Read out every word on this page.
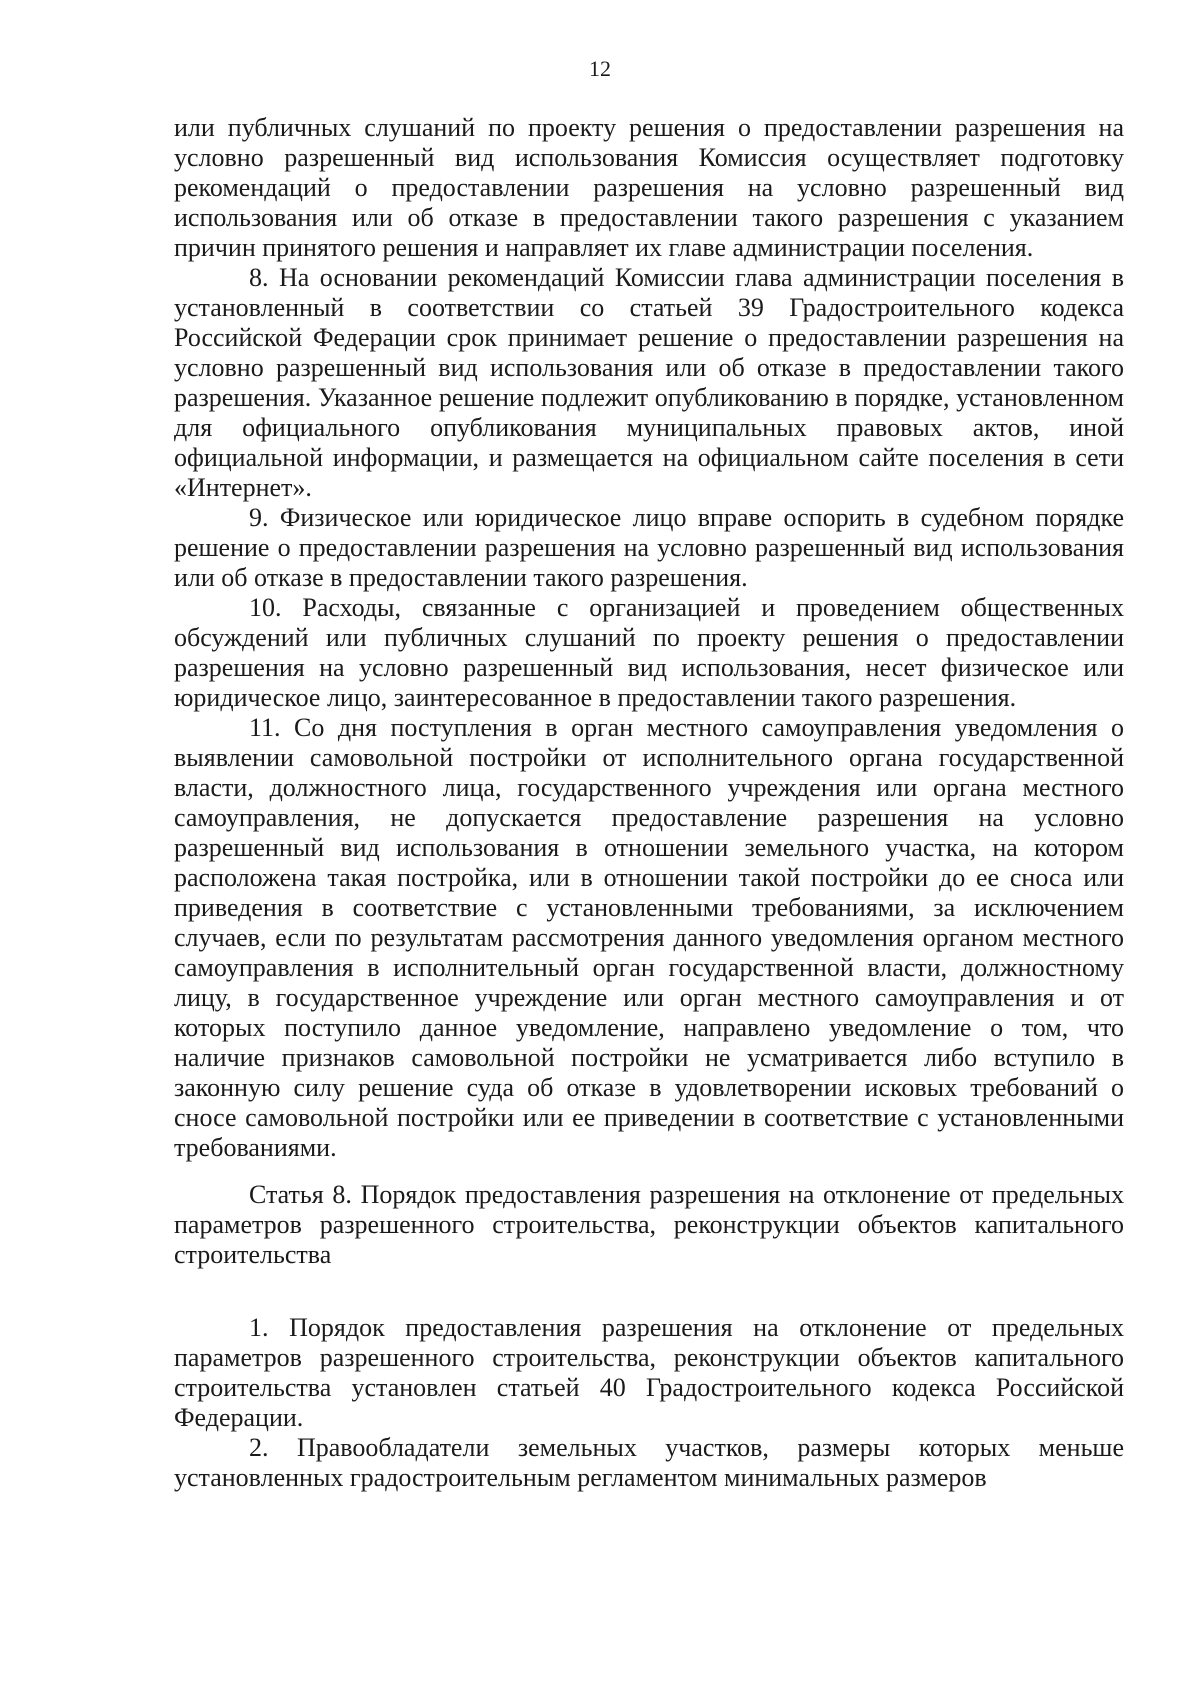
12

или публичных слушаний по проекту решения о предоставлении разрешения на условно разрешенный вид использования Комиссия осуществляет подготовку рекомендаций о предоставлении разрешения на условно разрешенный вид использования или об отказе в предоставлении такого разрешения с указанием причин принятого решения и направляет их главе администрации поселения.

8. На основании рекомендаций Комиссии глава администрации поселения в установленный в соответствии со статьей 39 Градостроительного кодекса Российской Федерации срок принимает решение о предоставлении разрешения на условно разрешенный вид использования или об отказе в предоставлении такого разрешения. Указанное решение подлежит опубликованию в порядке, установленном для официального опубликования муниципальных правовых актов, иной официальной информации, и размещается на официальном сайте поселения в сети «Интернет».

9. Физическое или юридическое лицо вправе оспорить в судебном порядке решение о предоставлении разрешения на условно разрешенный вид использования или об отказе в предоставлении такого разрешения.

10. Расходы, связанные с организацией и проведением общественных обсуждений или публичных слушаний по проекту решения о предоставлении разрешения на условно разрешенный вид использования, несет физическое или юридическое лицо, заинтересованное в предоставлении такого разрешения.

11. Со дня поступления в орган местного самоуправления уведомления о выявлении самовольной постройки от исполнительного органа государственной власти, должностного лица, государственного учреждения или органа местного самоуправления, не допускается предоставление разрешения на условно разрешенный вид использования в отношении земельного участка, на котором расположена такая постройка, или в отношении такой постройки до ее сноса или приведения в соответствие с установленными требованиями, за исключением случаев, если по результатам рассмотрения данного уведомления органом местного самоуправления в исполнительный орган государственной власти, должностному лицу, в государственное учреждение или орган местного самоуправления и от которых поступило данное уведомление, направлено уведомление о том, что наличие признаков самовольной постройки не усматривается либо вступило в законную силу решение суда об отказе в удовлетворении исковых требований о сносе самовольной постройки или ее приведении в соответствие с установленными требованиями.

Статья 8. Порядок предоставления разрешения на отклонение от предельных параметров разрешенного строительства, реконструкции объектов капитального строительства

1. Порядок предоставления разрешения на отклонение от предельных параметров разрешенного строительства, реконструкции объектов капитального строительства установлен статьей 40 Градостроительного кодекса Российской Федерации.

2. Правообладатели земельных участков, размеры которых меньше установленных градостроительным регламентом минимальных размеров
